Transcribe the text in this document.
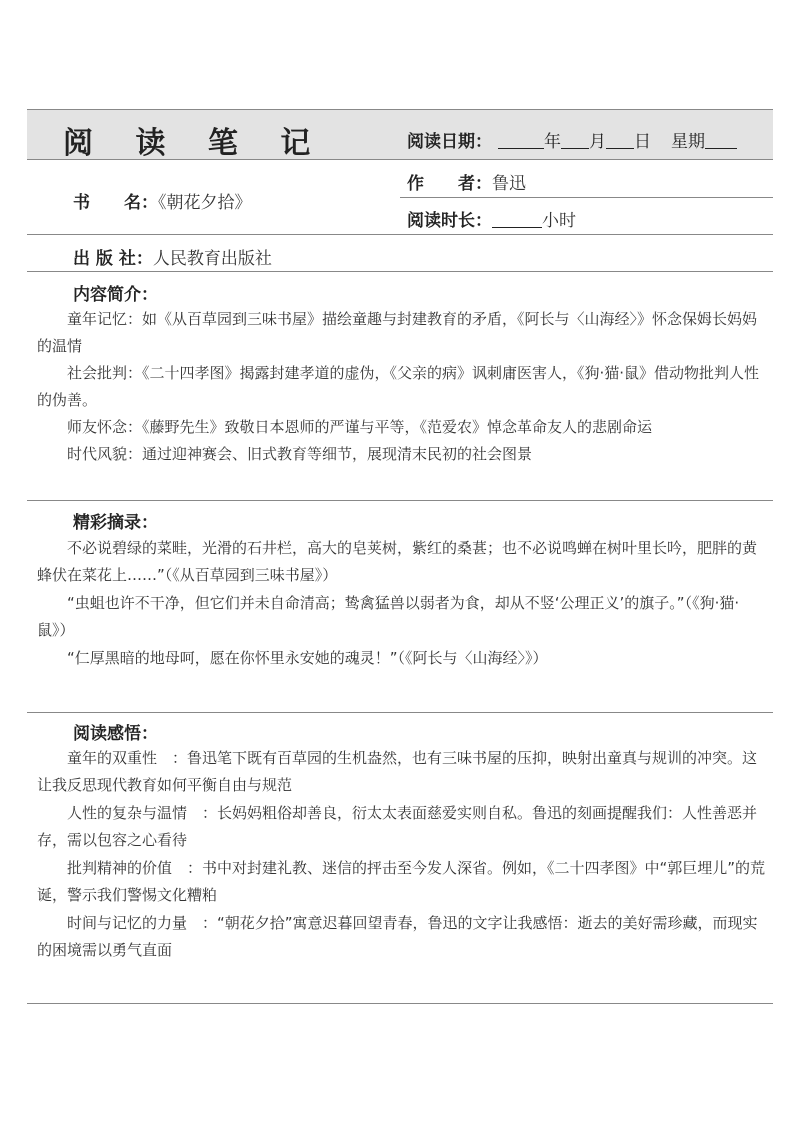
阅 读 笔 记	阅读日期：	年 月 日 星期
书　　名：《朝花夕拾》
作　　者：鲁迅
阅读时长：	小时
出 版 社：人民教育出版社
内容简介：

童年记忆：如《从百草园到三味书屋》描绘童趣与封建教育的矛盾，《阿长与〈山海经〉》怀念保姆长妈妈的温情

社会批判：《二十四孝图》揭露封建孝道的虚伪，《父亲的病》讽刺庸医害人，《狗·猫·鼠》借动物批判人性的伪善。

师友怀念：《藤野先生》致敬日本恩师的严谨与平等，《范爱农》悼念革命友人的悲剧命运

时代风貌：通过迎神赛会、旧式教育等细节，展现清末民初的社会图景

精彩摘录：

不必说碧绿的菜畦，光滑的石井栏，高大的皂荚树，紫红的桑葚；也不必说鸣蝉在树叶里长吟，肥胖的黄蜂伏在菜花上……”（《从百草园到三味书屋》）

“虫蛆也许不干净，但它们并未自命清高；鸷禽猛兽以弱者为食，却从不竖‘公理正义’的旗子。”（《狗·猫·鼠》）

“仁厚黑暗的地母呵，愿在你怀里永安她的魂灵！”（《阿长与〈山海经〉》）

阅读感悟：

童年的双重性　：鲁迅笔下既有百草园的生机盎然，也有三味书屋的压抑，映射出童真与规训的冲突。这让我反思现代教育如何平衡自由与规范

人性的复杂与温情　：长妈妈粗俗却善良，衍太太表面慈爱实则自私。鲁迅的刻画提醒我们：人性善恶并存，需以包容之心看待

批判精神的价值　：书中对封建礼教、迷信的抨击至今发人深省。例如，《二十四孝图》中“郭巨埋儿”的荒诞，警示我们警惕文化糟粕

时间与记忆的力量　：“朝花夕拾”寓意迟暮回望青春，鲁迅的文字让我感悟：逝去的美好需珍藏，而现实的困境需以勇气直面
